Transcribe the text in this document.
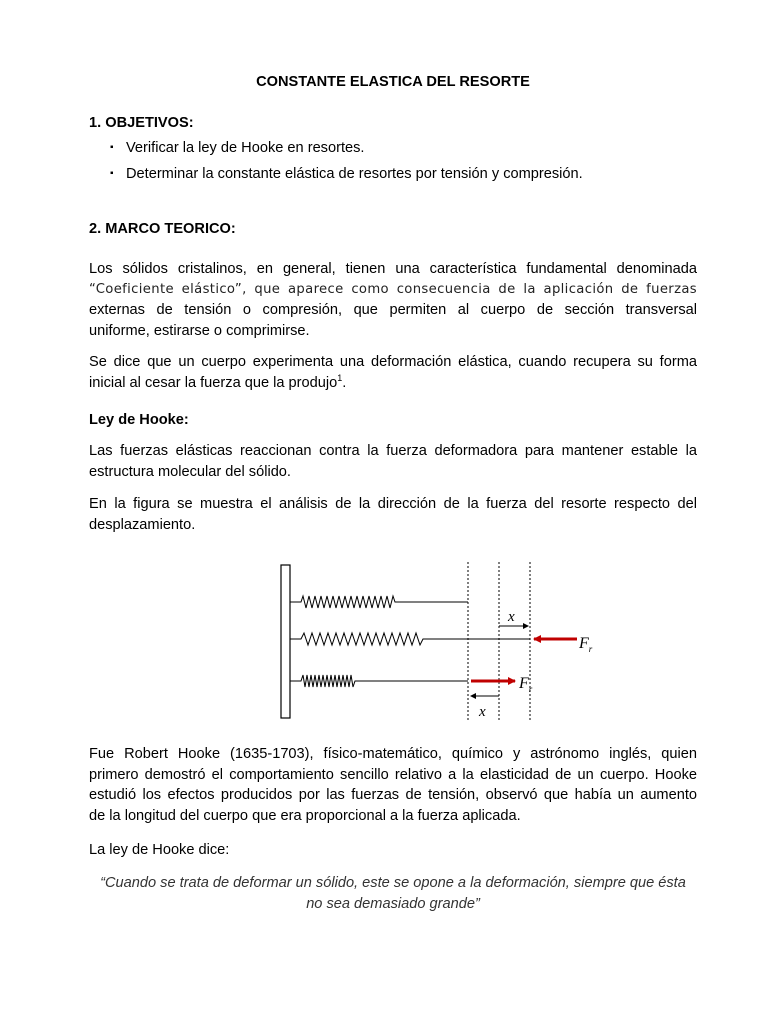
CONSTANTE ELASTICA DEL RESORTE
1. OBJETIVOS:
▪ Verificar la ley de Hooke en resortes.
▪ Determinar la constante elástica de resortes por tensión y compresión.
2. MARCO TEORICO:
Los sólidos cristalinos, en general, tienen una característica fundamental denominada
“Coeficiente elástico”, que aparece como consecuencia de la aplicación de fuerzas
externas de tensión o compresión, que permiten al cuerpo de sección transversal
uniforme, estirarse o comprimirse.
Se dice que un cuerpo experimenta una deformación elástica, cuando recupera su forma
inicial al cesar la fuerza que la produjo$^1$.
Ley de Hooke:
Las fuerzas elásticas reaccionan contra la fuerza deformadora para mantener estable la
estructura molecular del sólido.
En la figura se muestra el análisis de la dirección de la fuerza del resorte respecto del
desplazamiento.
x
$F_r$
$F_r$
x
Fue Robert Hooke (1635-1703), físico-matemático, químico y astrónomo inglés, quien
primero demostró el comportamiento sencillo relativo a la elasticidad de un cuerpo. Hooke
estudió los efectos producidos por las fuerzas de tensión, observó que había un aumento
de la longitud del cuerpo que era proporcional a la fuerza aplicada.
La ley de Hooke dice:

“Cuando se trata de deformar un sólido, este se opone a la deformación, siempre que ésta
no sea demasiado grande”
